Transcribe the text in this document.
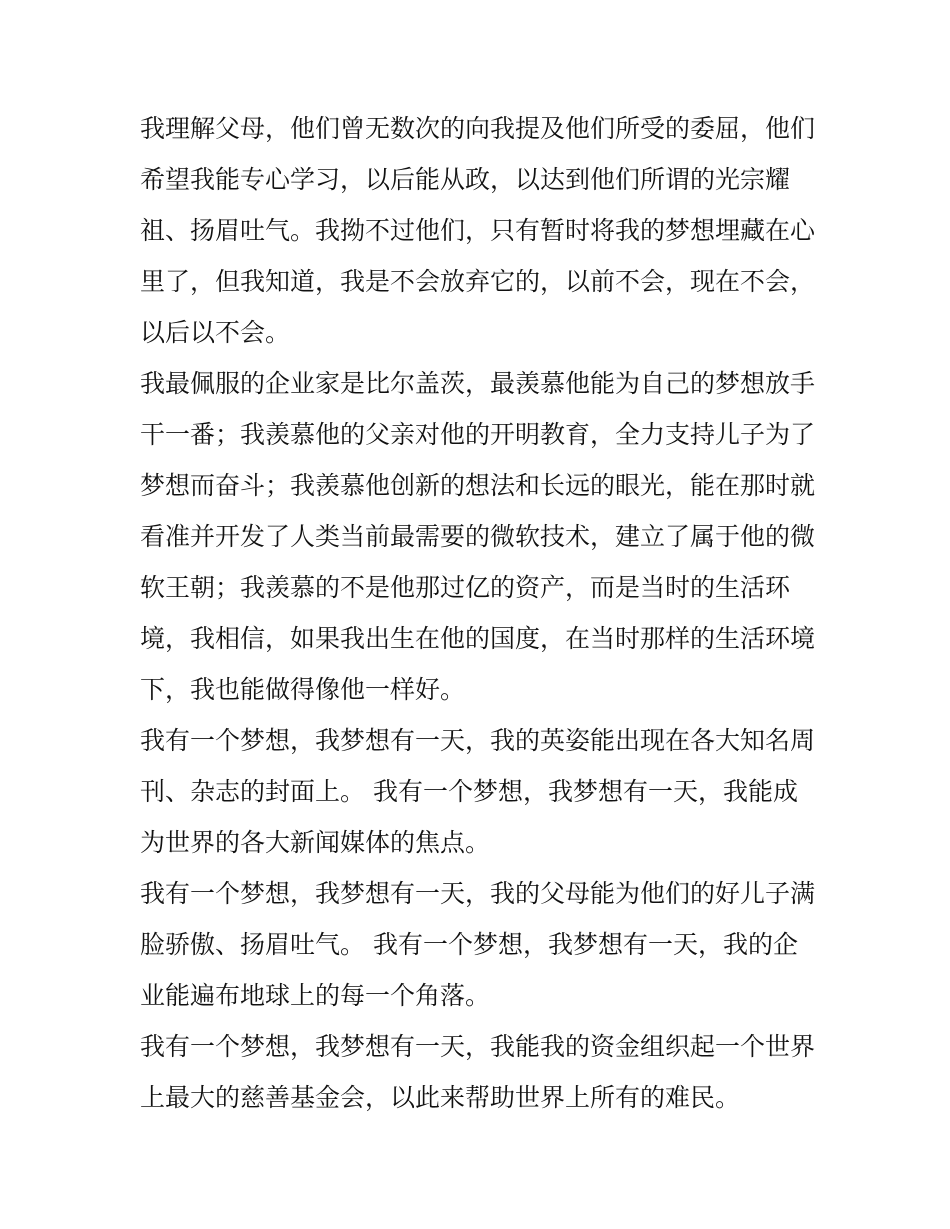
我理解父母，他们曾无数次的向我提及他们所受的委屈，他们
希望我能专心学习，以后能从政，以达到他们所谓的光宗耀
祖、扬眉吐气。我拗不过他们，只有暂时将我的梦想埋藏在心
里了，但我知道，我是不会放弃它的，以前不会，现在不会，
以后以不会。
我最佩服的企业家是比尔盖茨，最羡慕他能为自己的梦想放手
干一番；我羡慕他的父亲对他的开明教育，全力支持儿子为了
梦想而奋斗；我羡慕他创新的想法和长远的眼光，能在那时就
看准并开发了人类当前最需要的微软技术，建立了属于他的微
软王朝；我羡慕的不是他那过亿的资产，而是当时的生活环
境，我相信，如果我出生在他的国度，在当时那样的生活环境
下，我也能做得像他一样好。
我有一个梦想，我梦想有一天，我的英姿能出现在各大知名周
刊、杂志的封面上。 我有一个梦想，我梦想有一天，我能成
为世界的各大新闻媒体的焦点。
我有一个梦想，我梦想有一天，我的父母能为他们的好儿子满
脸骄傲、扬眉吐气。 我有一个梦想，我梦想有一天，我的企
业能遍布地球上的每一个角落。
我有一个梦想，我梦想有一天，我能我的资金组织起一个世界
上最大的慈善基金会，以此来帮助世界上所有的难民。
